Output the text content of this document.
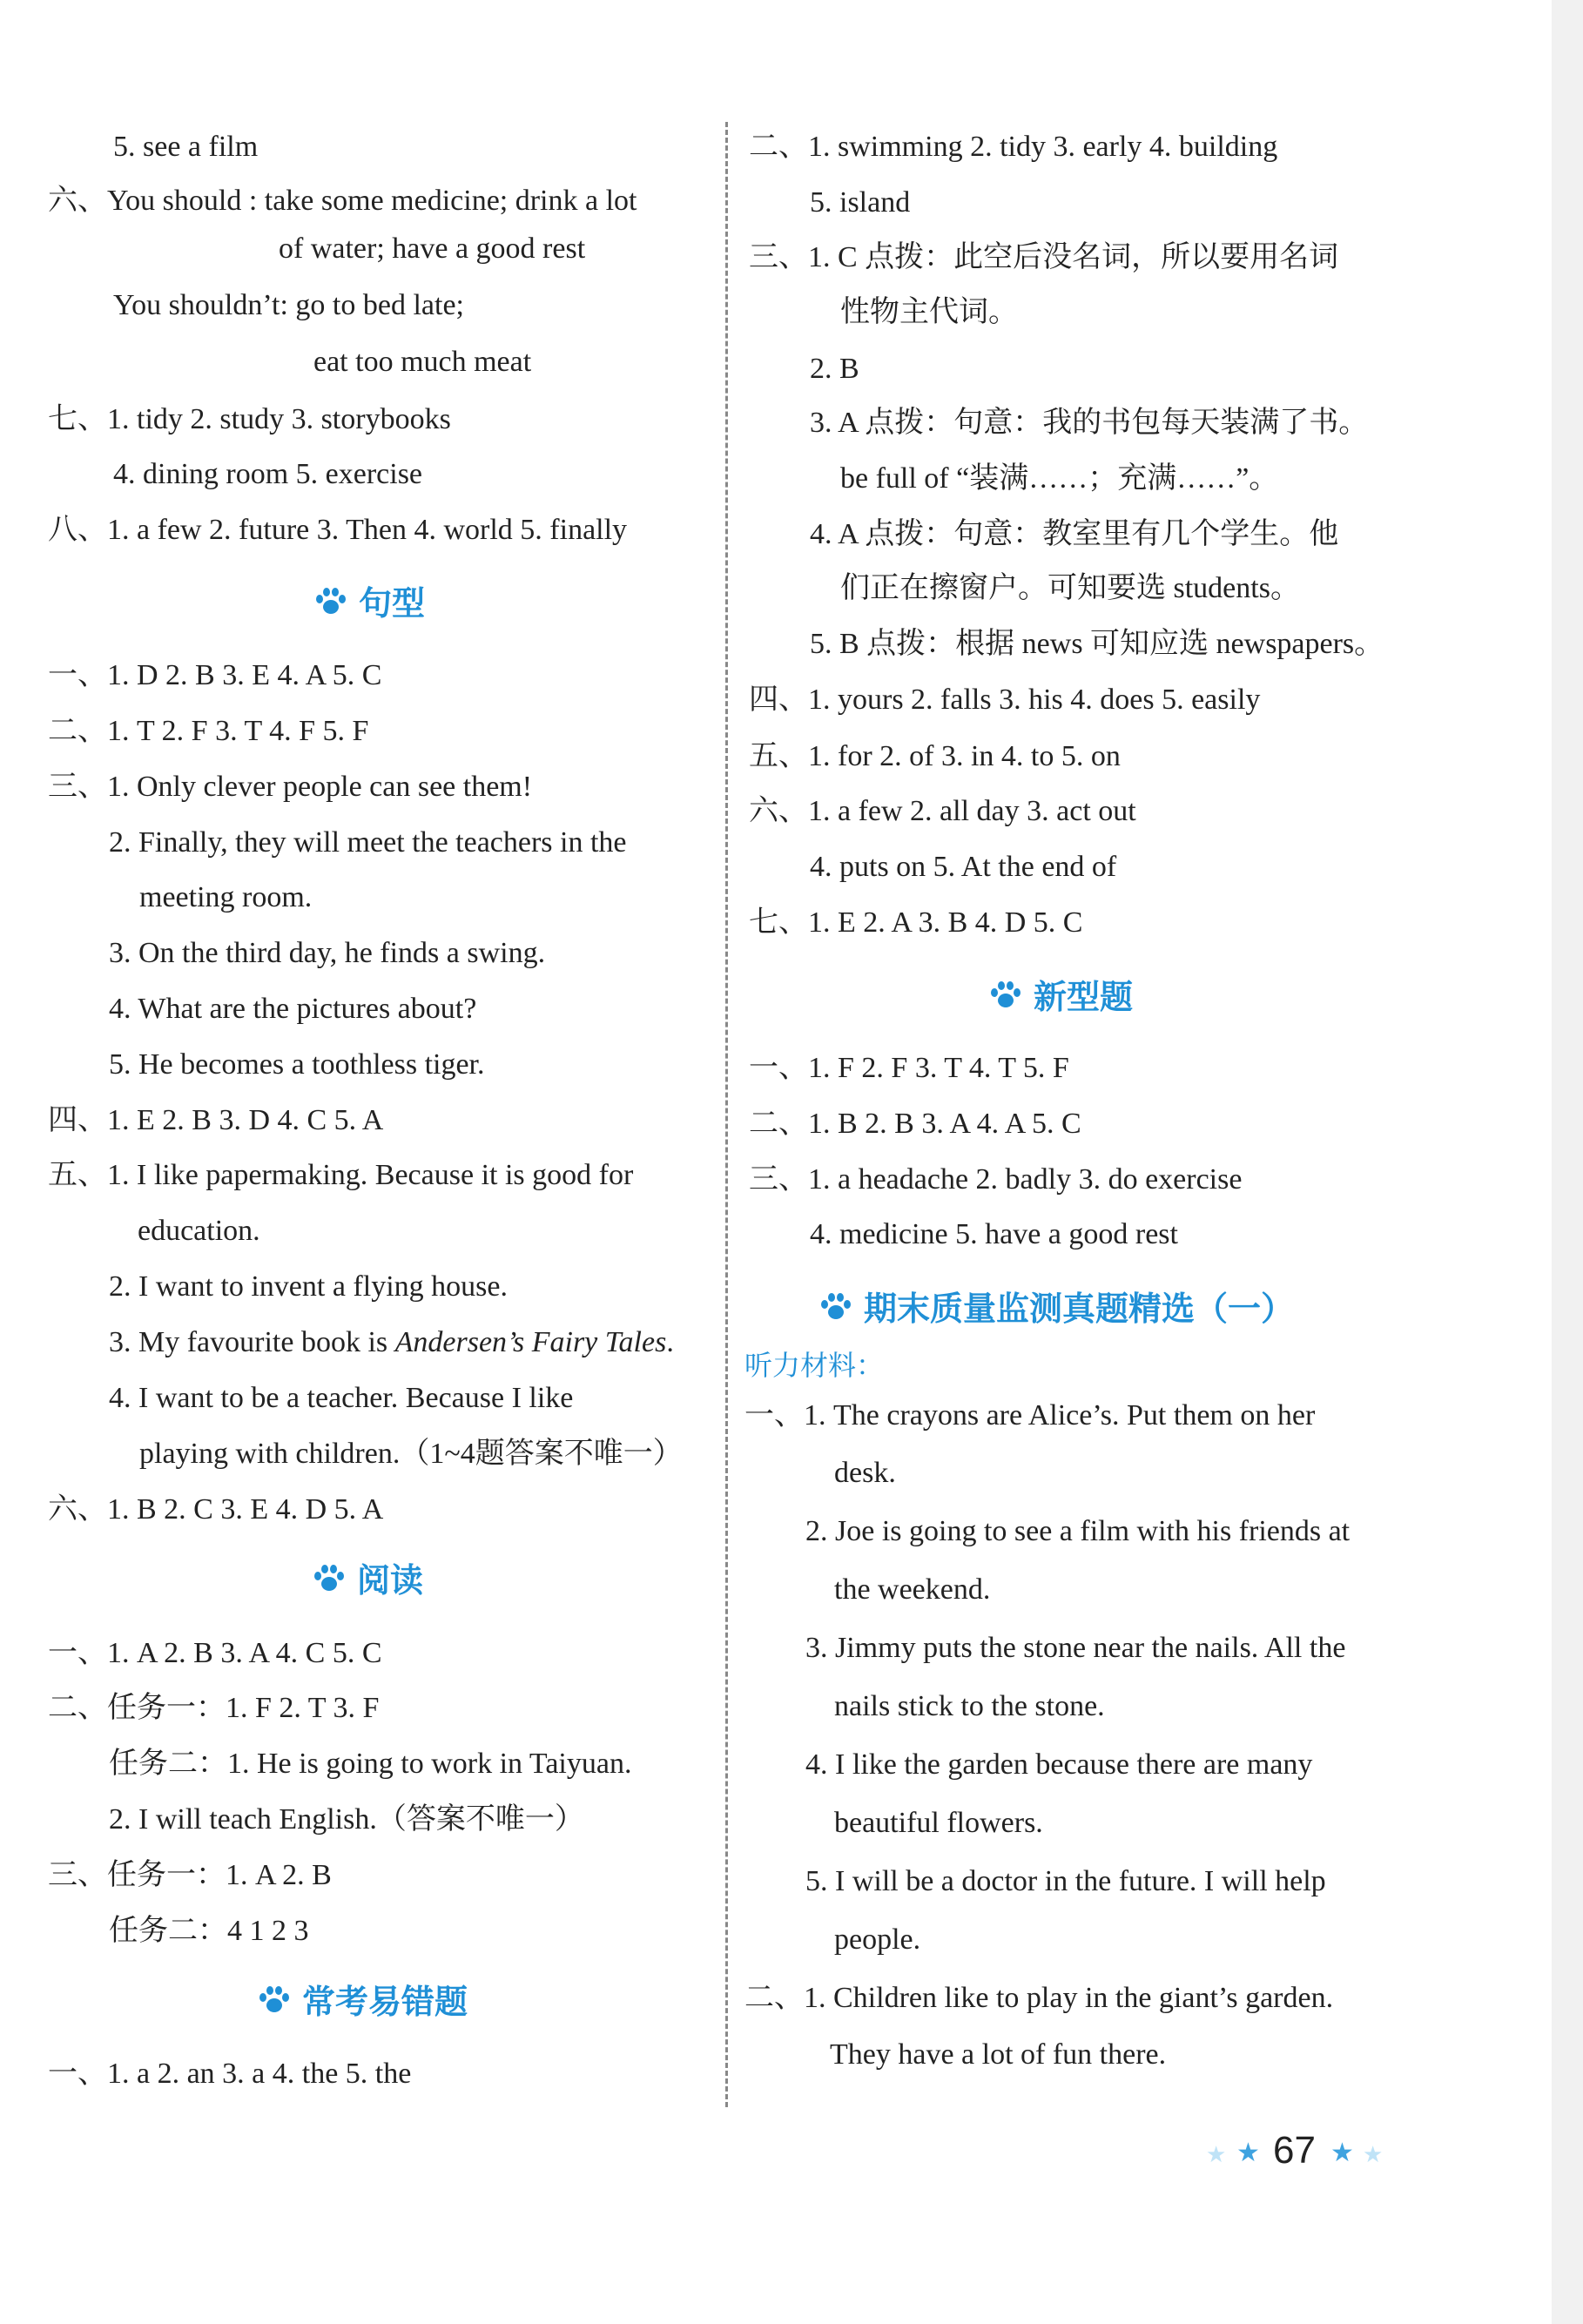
5. see a film
六、You should : take some medicine; drink a lot
of water; have a good rest
You shouldn’t: go to bed late;
eat too much meat
七、1. tidy 2. study 3. storybooks
4. dining room 5. exercise
八、1. a few 2. future 3. Then 4. world 5. finally
句型
一、1. D 2. B 3. E 4. A 5. C
二、1. T 2. F 3. T 4. F 5. F
三、1. Only clever people can see them!
2. Finally, they will meet the teachers in the
meeting room.
3. On the third day, he finds a swing.
4. What are the pictures about?
5. He becomes a toothless tiger.
四、1. E 2. B 3. D 4. C 5. A
五、1. I like papermaking. Because it is good for
education.
2. I want to invent a flying house.
3. My favourite book is Andersen’s Fairy Tales.
4. I want to be a teacher. Because I like
playing with children.（1~4题答案不唯一）
六、1. B 2. C 3. E 4. D 5. A
阅读
一、1. A 2. B 3. A 4. C 5. C
二、任务一：1. F 2. T 3. F
任务二：1. He is going to work in Taiyuan.
2. I will teach English.（答案不唯一）
三、任务一：1. A 2. B
任务二：4 1 2 3
常考易错题
一、1. a 2. an 3. a 4. the 5. the
二、1. swimming 2. tidy 3. early 4. building
5. island
三、1. C 点拨：此空后没名词，所以要用名词
性物主代词。
2. B
3. A 点拨：句意：我的书包每天装满了书。
be full of “装满……；充满……”。
4. A 点拨：句意：教室里有几个学生。他
们正在擦窗户。可知要选 students。
5. B 点拨：根据 news 可知应选 newspapers。
四、1. yours 2. falls 3. his 4. does 5. easily
五、1. for 2. of 3. in 4. to 5. on
六、1. a few 2. all day 3. act out
4. puts on 5. At the end of
七、1. E 2. A 3. B 4. D 5. C
新型题
一、1. F 2. F 3. T 4. T 5. F
二、1. B 2. B 3. A 4. A 5. C
三、1. a headache 2. badly 3. do exercise
4. medicine 5. have a good rest
期末质量监测真题精选（一）
听力材料：
一、1. The crayons are Alice’s. Put them on her
desk.
2. Joe is going to see a film with his friends at
the weekend.
3. Jimmy puts the stone near the nails. All the
nails stick to the stone.
4. I like the garden because there are many
beautiful flowers.
5. I will be a doctor in the future. I will help
people.
二、1. Children like to play in the giant’s garden.
They have a lot of fun there.
★ ★ 67 ★ ★
